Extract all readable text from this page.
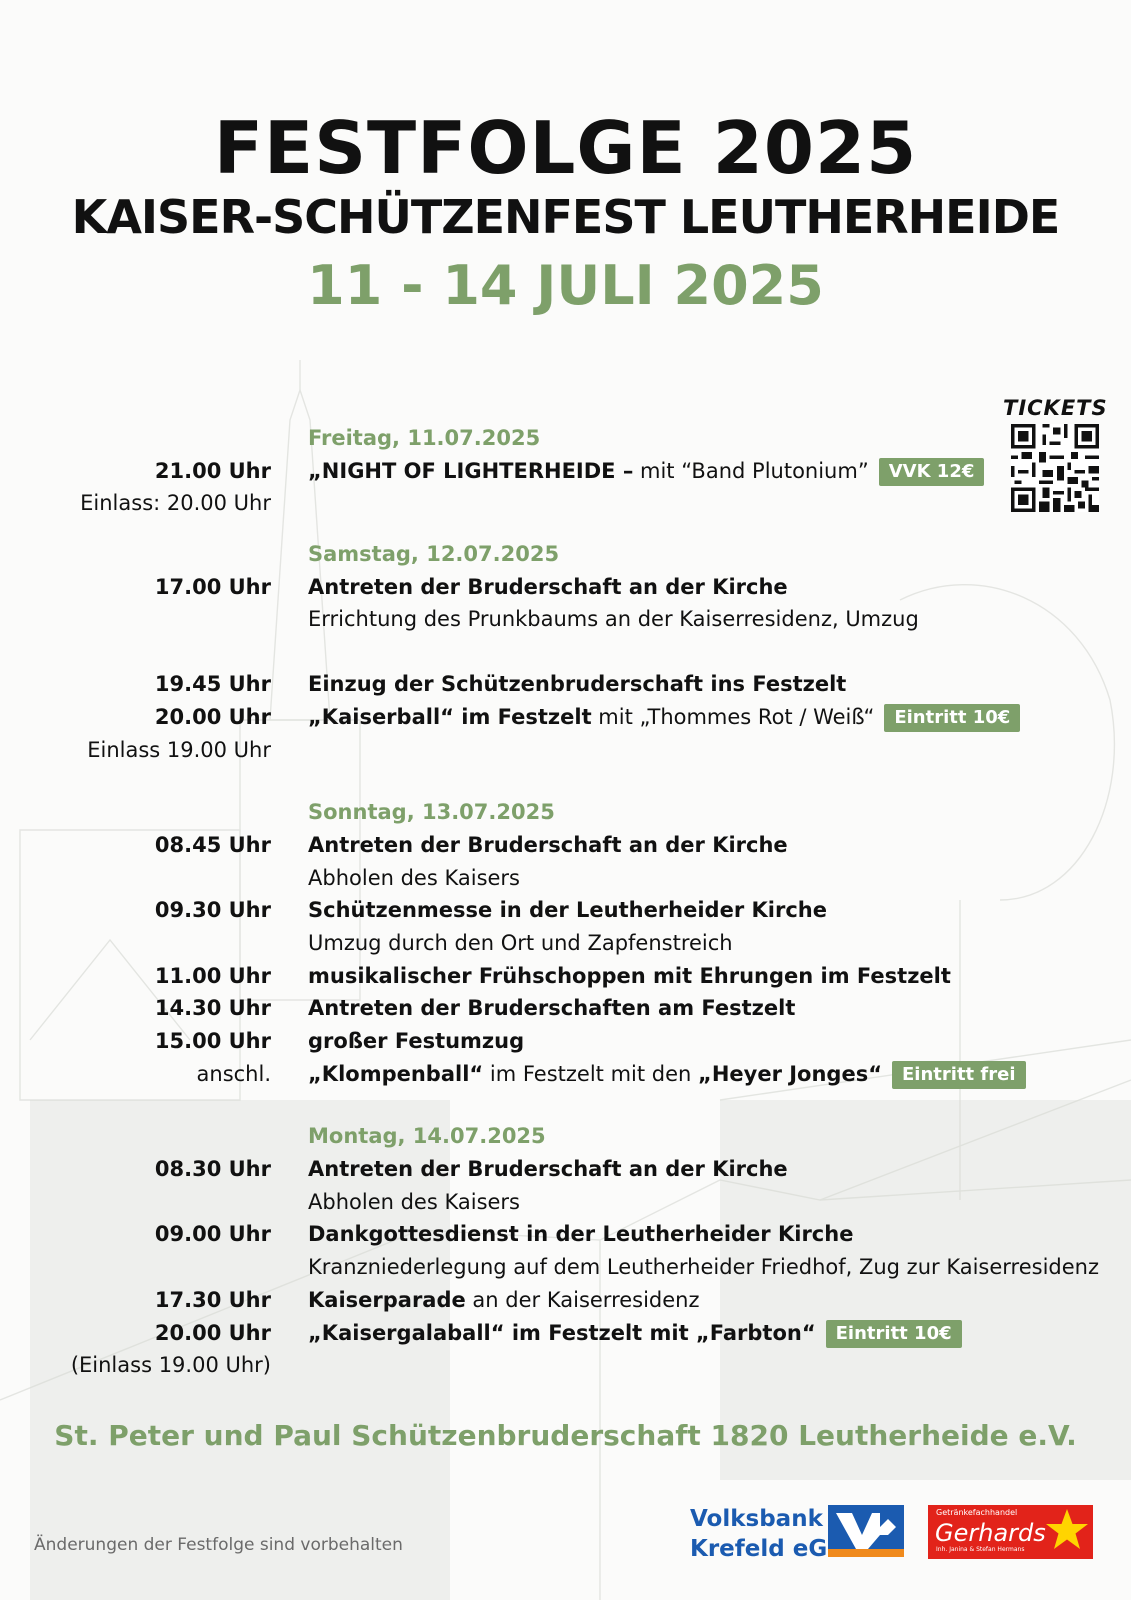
FESTFOLGE 2025
KAISER-SCHÜTZENFEST LEUTHERHEIDE
11 - 14 JULI 2025
TICKETS
Freitag, 11.07.2025
21.00 Uhr „NIGHT OF LIGHTERHEIDE – mit “Band Plutonium” VVK 12€
Einlass: 20.00 Uhr
Samstag, 12.07.2025
17.00 Uhr Antreten der Bruderschaft an der Kirche
Errichtung des Prunkbaums an der Kaiserresidenz, Umzug
19.45 Uhr Einzug der Schützenbruderschaft ins Festzelt
20.00 Uhr „Kaiserball“ im Festzelt mit „Thommes Rot / Weiß“ Eintritt 10€
Einlass 19.00 Uhr
Sonntag, 13.07.2025
08.45 Uhr Antreten der Bruderschaft an der Kirche
Abholen des Kaisers
09.30 Uhr Schützenmesse in der Leutherheider Kirche
Umzug durch den Ort und Zapfenstreich
11.00 Uhr musikalischer Frühschoppen mit Ehrungen im Festzelt
14.30 Uhr Antreten der Bruderschaften am Festzelt
15.00 Uhr großer Festumzug
anschl. „Klompenball“ im Festzelt mit den „Heyer Jonges“ Eintritt frei
Montag, 14.07.2025
08.30 Uhr Antreten der Bruderschaft an der Kirche
Abholen des Kaisers
09.00 Uhr Dankgottesdienst in der Leutherheider Kirche
Kranzniederlegung auf dem Leutherheider Friedhof, Zug zur Kaiserresidenz
17.30 Uhr Kaiserparade an der Kaiserresidenz
20.00 Uhr „Kaisergalaball“ im Festzelt mit „Farbton“ Eintritt 10€
(Einlass 19.00 Uhr)
St. Peter und Paul Schützenbruderschaft 1820 Leutherheide e.V.
Änderungen der Festfolge sind vorbehalten
Volksbank
Krefeld eG
Getränkefachhandel
Gerhards
Inh. Janina & Stefan Hermans
